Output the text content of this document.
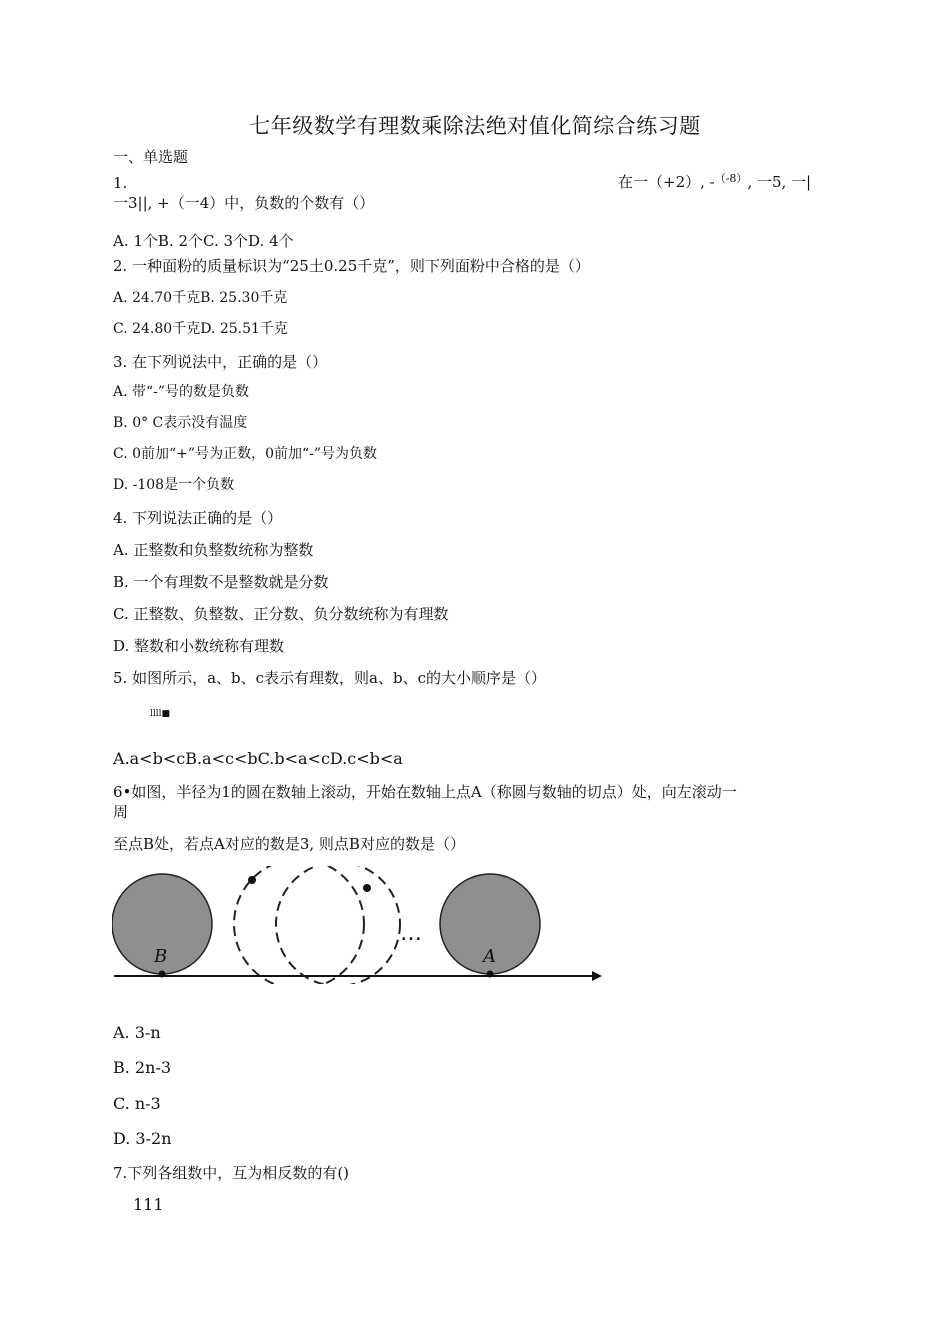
七年级数学有理数乘除法绝对值化简综合练习题
一、单选题
1.	在一（+2）, -$^{(-8)}$, 一5, 一|
一3||, +（一4）中，负数的个数有（）
A. 1个B. 2个C. 3个D. 4个
2. 一种面粉的质量标识为“25土0.25千克”，则下列面粉中合格的是（）
A. 24.70千克B. 25.30千克
C. 24.80千克D. 25.51千克
3. 在下列说法中，正确的是（）
A. 带“-”号的数是负数
B. 0° C表示没有温度
C. 0前加“+”号为正数，0前加“-”号为负数
D. -108是一个负数
4. 下列说法正确的是（）
A. 正整数和负整数统称为整数
B. 一个有理数不是整数就是分数
C. 正整数、负整数、正分数、负分数统称为有理数
D. 整数和小数统称有理数
5. 如图所示，a、b、c表示有理数，则a、b、c的大小顺序是（）
llll■
A.a<b<cB.a<c<bC.b<a<cD.c<b<a
6•如图，半径为1的圆在数轴上滚动，开始在数轴上点A（称圆与数轴的切点）处，向左滚动一
周
至点B处，若点A对应的数是3, 则点B对应的数是（）
B	A
…
A. 3-n
B. 2n-3
C. n-3
D. 3-2n
7.下列各组数中，互为相反数的有()
111
